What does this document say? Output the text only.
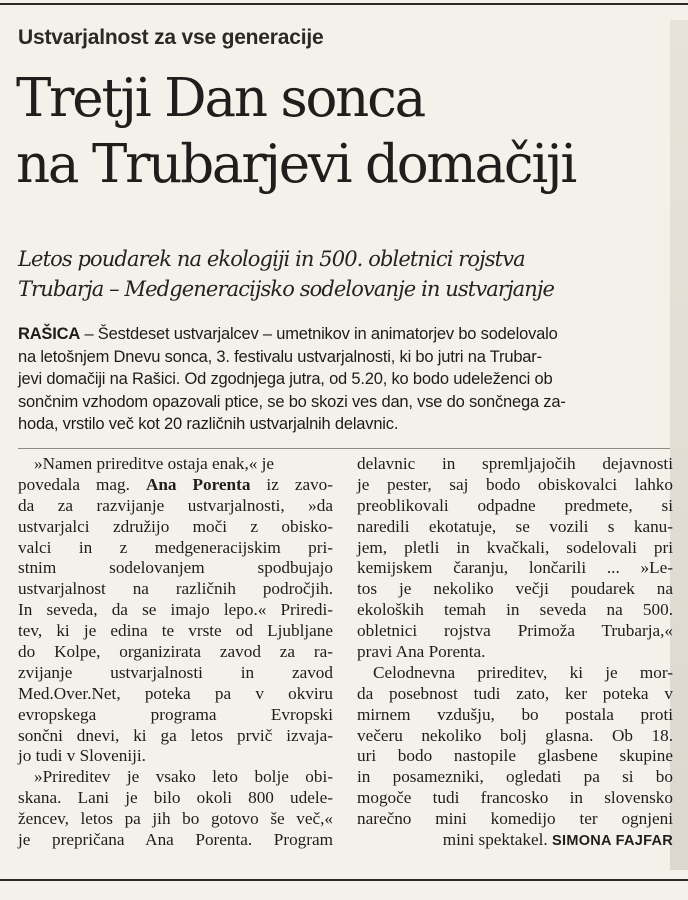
Ustvarjalnost za vse generacije
Tretji Dan sonca
na Trubarjevi domačiji
Letos poudarek na ekologiji in 500. obletnici rojstva
Trubarja – Medgeneracijsko sodelovanje in ustvarjanje
RAŠICA – Šestdeset ustvarjalcev – umetnikov in animatorjev bo sodelovalo
na letošnjem Dnevu sonca, 3. festivalu ustvarjalnosti, ki bo jutri na Trubar-
jevi domačiji na Rašici. Od zgodnjega jutra, od 5.20, ko bodo udeleženci ob
sončnim vzhodom opazovali ptice, se bo skozi ves dan, vse do sončnega za-
hoda, vrstilo več kot 20 različnih ustvarjalnih delavnic.
»Namen prireditve ostaja enak,« je
povedala mag. Ana Porenta iz zavo-
da za razvijanje ustvarjalnosti, »da
ustvarjalci združijo moči z obisko-
valci in z medgeneracijskim pri-
stnim sodelovanjem spodbujajo
ustvarjalnost na različnih področjih.
In seveda, da se imajo lepo.« Priredi-
tev, ki je edina te vrste od Ljubljane
do Kolpe, organizirata zavod za ra-
zvijanje ustvarjalnosti in zavod
Med.Over.Net, poteka pa v okviru
evropskega programa Evropski
sončni dnevi, ki ga letos prvič izvaja-
jo tudi v Sloveniji.
»Prireditev je vsako leto bolje obi-
skana. Lani je bilo okoli 800 udele-
žencev, letos pa jih bo gotovo še več,«
je prepričana Ana Porenta. Program
delavnic in spremljajočih dejavnosti
je pester, saj bodo obiskovalci lahko
preoblikovali odpadne predmete, si
naredili ekotatuje, se vozili s kanu-
jem, pletli in kvačkali, sodelovali pri
kemijskem čaranju, lončarili ... »Le-
tos je nekoliko večji poudarek na
ekoloških temah in seveda na 500.
obletnici rojstva Primoža Trubarja,«
pravi Ana Porenta.
Celodnevna prireditev, ki je mor-
da posebnost tudi zato, ker poteka v
mirnem vzdušju, bo postala proti
večeru nekoliko bolj glasna. Ob 18.
uri bodo nastopile glasbene skupine
in posamezniki, ogledati pa si bo
mogoče tudi francosko in slovensko
narečno mini komedijo ter ognjeni
mini spektakel. SIMONA FAJFAR
